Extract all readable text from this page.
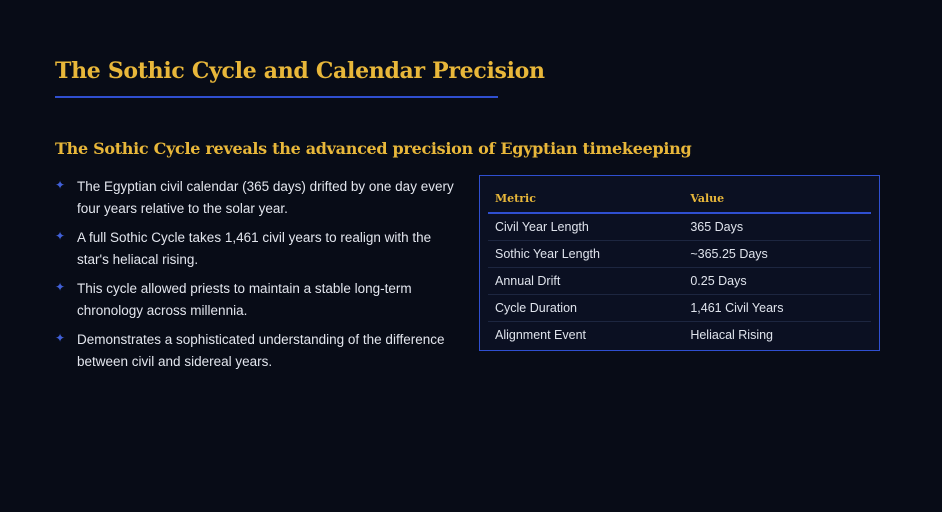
The Sothic Cycle and Calendar Precision
The Sothic Cycle reveals the advanced precision of Egyptian timekeeping
✦ The Egyptian civil calendar (365 days) drifted by one day every four years relative to the solar year.
✦ A full Sothic Cycle takes 1,461 civil years to realign with the star's heliacal rising.
✦ This cycle allowed priests to maintain a stable long-term chronology across millennia.
✦ Demonstrates a sophisticated understanding of the difference between civil and sidereal years.
Metric	Value
Civil Year Length	365 Days
Sothic Year Length	~365.25 Days
Annual Drift	0.25 Days
Cycle Duration	1,461 Civil Years
Alignment Event	Heliacal Rising
